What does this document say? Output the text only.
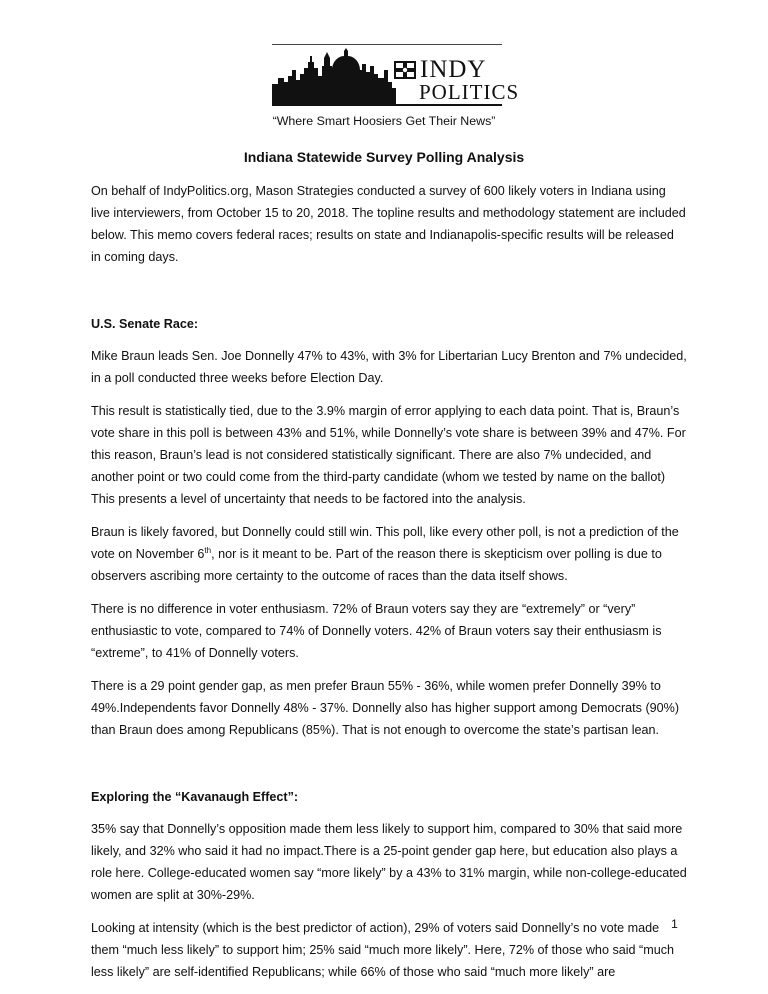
INDY
POLITICS
“Where Smart Hoosiers Get Their News”
Indiana Statewide Survey Polling Analysis

On behalf of IndyPolitics.org, Mason Strategies conducted a survey of 600 likely voters in Indiana using live interviewers, from October 15 to 20, 2018. The topline results and methodology statement are included below. This memo covers federal races; results on state and Indianapolis-specific results will be released in coming days.

U.S. Senate Race:

Mike Braun leads Sen. Joe Donnelly 47% to 43%, with 3% for Libertarian Lucy Brenton and 7% undecided, in a poll conducted three weeks before Election Day.

This result is statistically tied, due to the 3.9% margin of error applying to each data point. That is, Braun’s vote share in this poll is between 43% and 51%, while Donnelly’s vote share is between 39% and 47%. For this reason, Braun’s lead is not considered statistically significant. There are also 7% undecided, and another point or two could come from the third-party candidate (whom we tested by name on the ballot) This presents a level of uncertainty that needs to be factored into the analysis.

Braun is likely favored, but Donnelly could still win. This poll, like every other poll, is not a prediction of the vote on November 6th, nor is it meant to be. Part of the reason there is skepticism over polling is due to observers ascribing more certainty to the outcome of races than the data itself shows.

There is no difference in voter enthusiasm. 72% of Braun voters say they are “extremely” or “very” enthusiastic to vote, compared to 74% of Donnelly voters. 42% of Braun voters say their enthusiasm is “extreme”, to 41% of Donnelly voters.

There is a 29 point gender gap, as men prefer Braun 55% - 36%, while women prefer Donnelly 39% to 49%.Independents favor Donnelly 48% - 37%. Donnelly also has higher support among Democrats (90%) than Braun does among Republicans (85%). That is not enough to overcome the state’s partisan lean.

Exploring the “Kavanaugh Effect”:

35% say that Donnelly’s opposition made them less likely to support him, compared to 30% that said more likely, and 32% who said it had no impact.There is a 25-point gender gap here, but education also plays a role here. College-educated women say “more likely” by a 43% to 31% margin, while non-college-educated women are split at 30%-29%.

Looking at intensity (which is the best predictor of action), 29% of voters said Donnelly’s no vote made them “much less likely” to support him; 25% said “much more likely”. Here, 72% of those who said “much less likely” are self-identified Republicans; while 66% of those who said “much more likely” are

1
